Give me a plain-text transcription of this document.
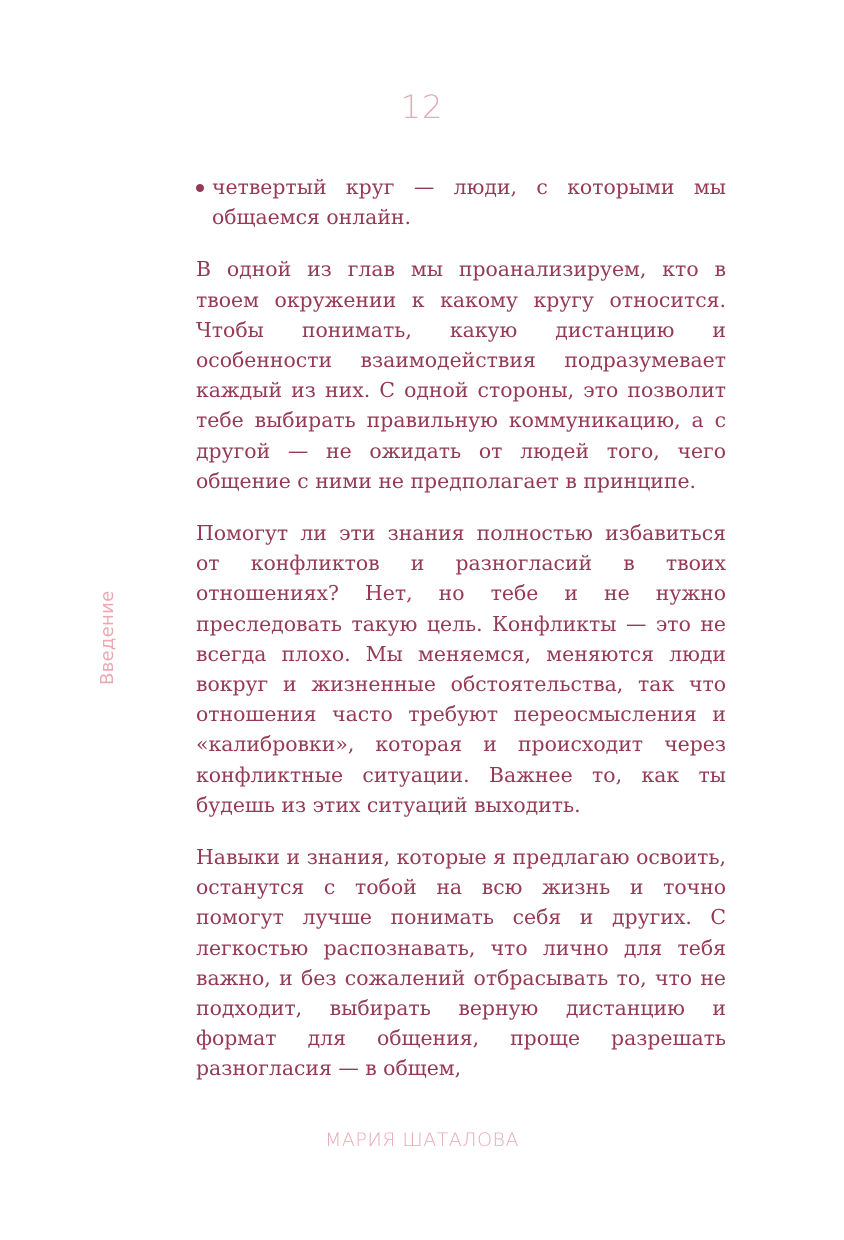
12
Введение
четвертый круг — люди, с которыми мы общаемся онлайн.

В одной из глав мы проанализируем, кто в твоем окружении к какому кругу относится. Чтобы понимать, какую дистанцию и особенности взаимодействия подразумевает каждый из них. С одной стороны, это позволит тебе выбирать правильную коммуникацию, а с другой — не ожидать от людей того, чего общение с ними не предполагает в принципе.

Помогут ли эти знания полностью избавиться от конфликтов и разногласий в твоих отношениях? Нет, но тебе и не нужно преследовать такую цель. Конфликты — это не всегда плохо. Мы меняемся, меняются люди вокруг и жизненные обстоятельства, так что отношения часто требуют переосмысления и «калибровки», которая и происходит через конфликтные ситуации. Важнее то, как ты будешь из этих ситуаций выходить.

Навыки и знания, которые я предлагаю освоить, останутся с тобой на всю жизнь и точно помогут лучше понимать себя и других. С легкостью распознавать, что лично для тебя важно, и без сожалений отбрасывать то, что не подходит, выбирать верную дистанцию и формат для общения, проще разрешать разногласия — в общем,

МАРИЯ ШАТАЛОВА
